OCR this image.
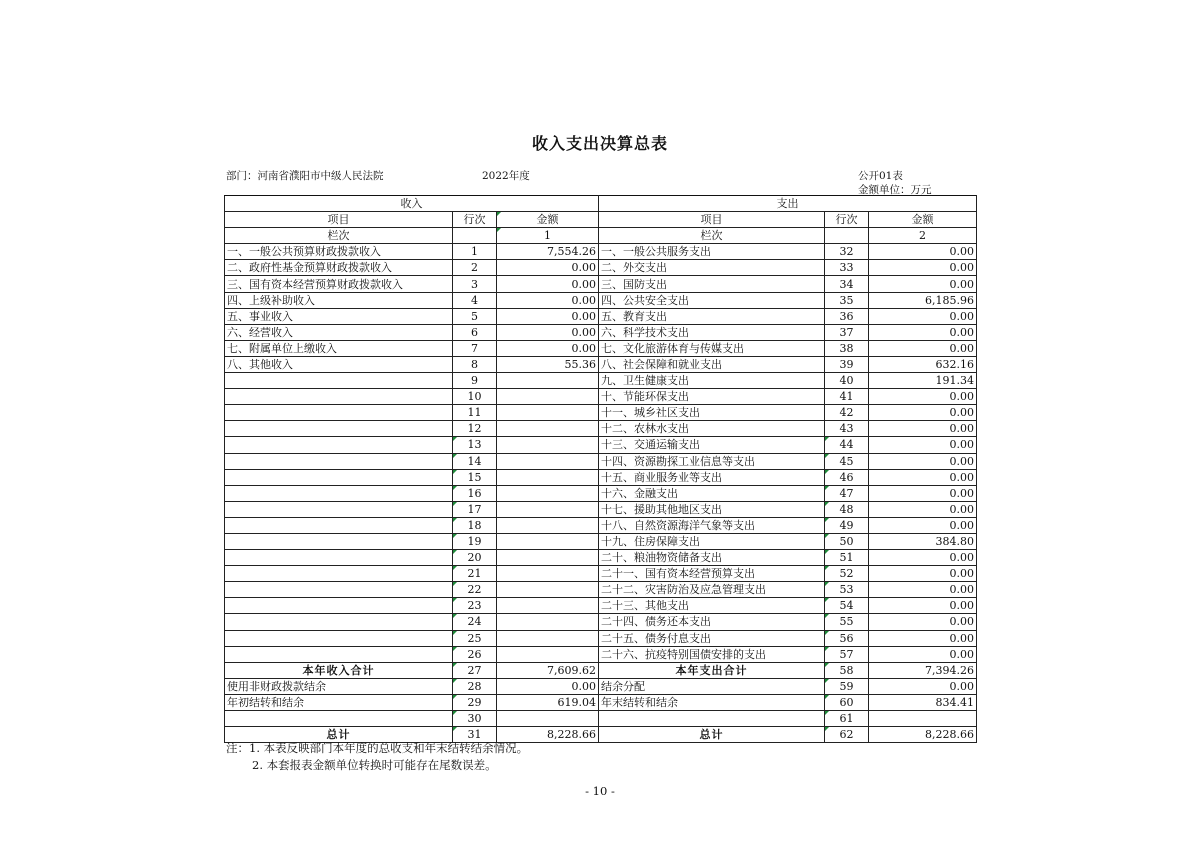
收入支出决算总表
部门：河南省濮阳市中级人民法院	2022年度	公开01表
金额单位：万元
收入			支出		
项目	行次	金额	项目	行次	金额
栏次		1	栏次		2
一、一般公共预算财政拨款收入	1	7,554.26	一、一般公共服务支出	32	0.00
二、政府性基金预算财政拨款收入	2	0.00	二、外交支出	33	0.00
三、国有资本经营预算财政拨款收入	3	0.00	三、国防支出	34	0.00
四、上级补助收入	4	0.00	四、公共安全支出	35	6,185.96
五、事业收入	5	0.00	五、教育支出	36	0.00
六、经营收入	6	0.00	六、科学技术支出	37	0.00
七、附属单位上缴收入	7	0.00	七、文化旅游体育与传媒支出	38	0.00
八、其他收入	8	55.36	八、社会保障和就业支出	39	632.16
	9		九、卫生健康支出	40	191.34
	10		十、节能环保支出	41	0.00
	11		十一、城乡社区支出	42	0.00
	12		十二、农林水支出	43	0.00
	13		十三、交通运输支出	44	0.00
	14		十四、资源勘探工业信息等支出	45	0.00
	15		十五、商业服务业等支出	46	0.00
	16		十六、金融支出	47	0.00
	17		十七、援助其他地区支出	48	0.00
	18		十八、自然资源海洋气象等支出	49	0.00
	19		十九、住房保障支出	50	384.80
	20		二十、粮油物资储备支出	51	0.00
	21		二十一、国有资本经营预算支出	52	0.00
	22		二十二、灾害防治及应急管理支出	53	0.00
	23		二十三、其他支出	54	0.00
	24		二十四、债务还本支出	55	0.00
	25		二十五、债务付息支出	56	0.00
	26		二十六、抗疫特别国债安排的支出	57	0.00
本年收入合计	27	7,609.62	本年支出合计	58	7,394.26
使用非财政拨款结余	28	0.00	结余分配	59	0.00
年初结转和结余	29	619.04	年末结转和结余	60	834.41
	30			61	
总计	31	8,228.66	总计	62	8,228.66
注：1. 本表反映部门本年度的总收支和年末结转结余情况。
2. 本套报表金额单位转换时可能存在尾数误差。
- 10 -
